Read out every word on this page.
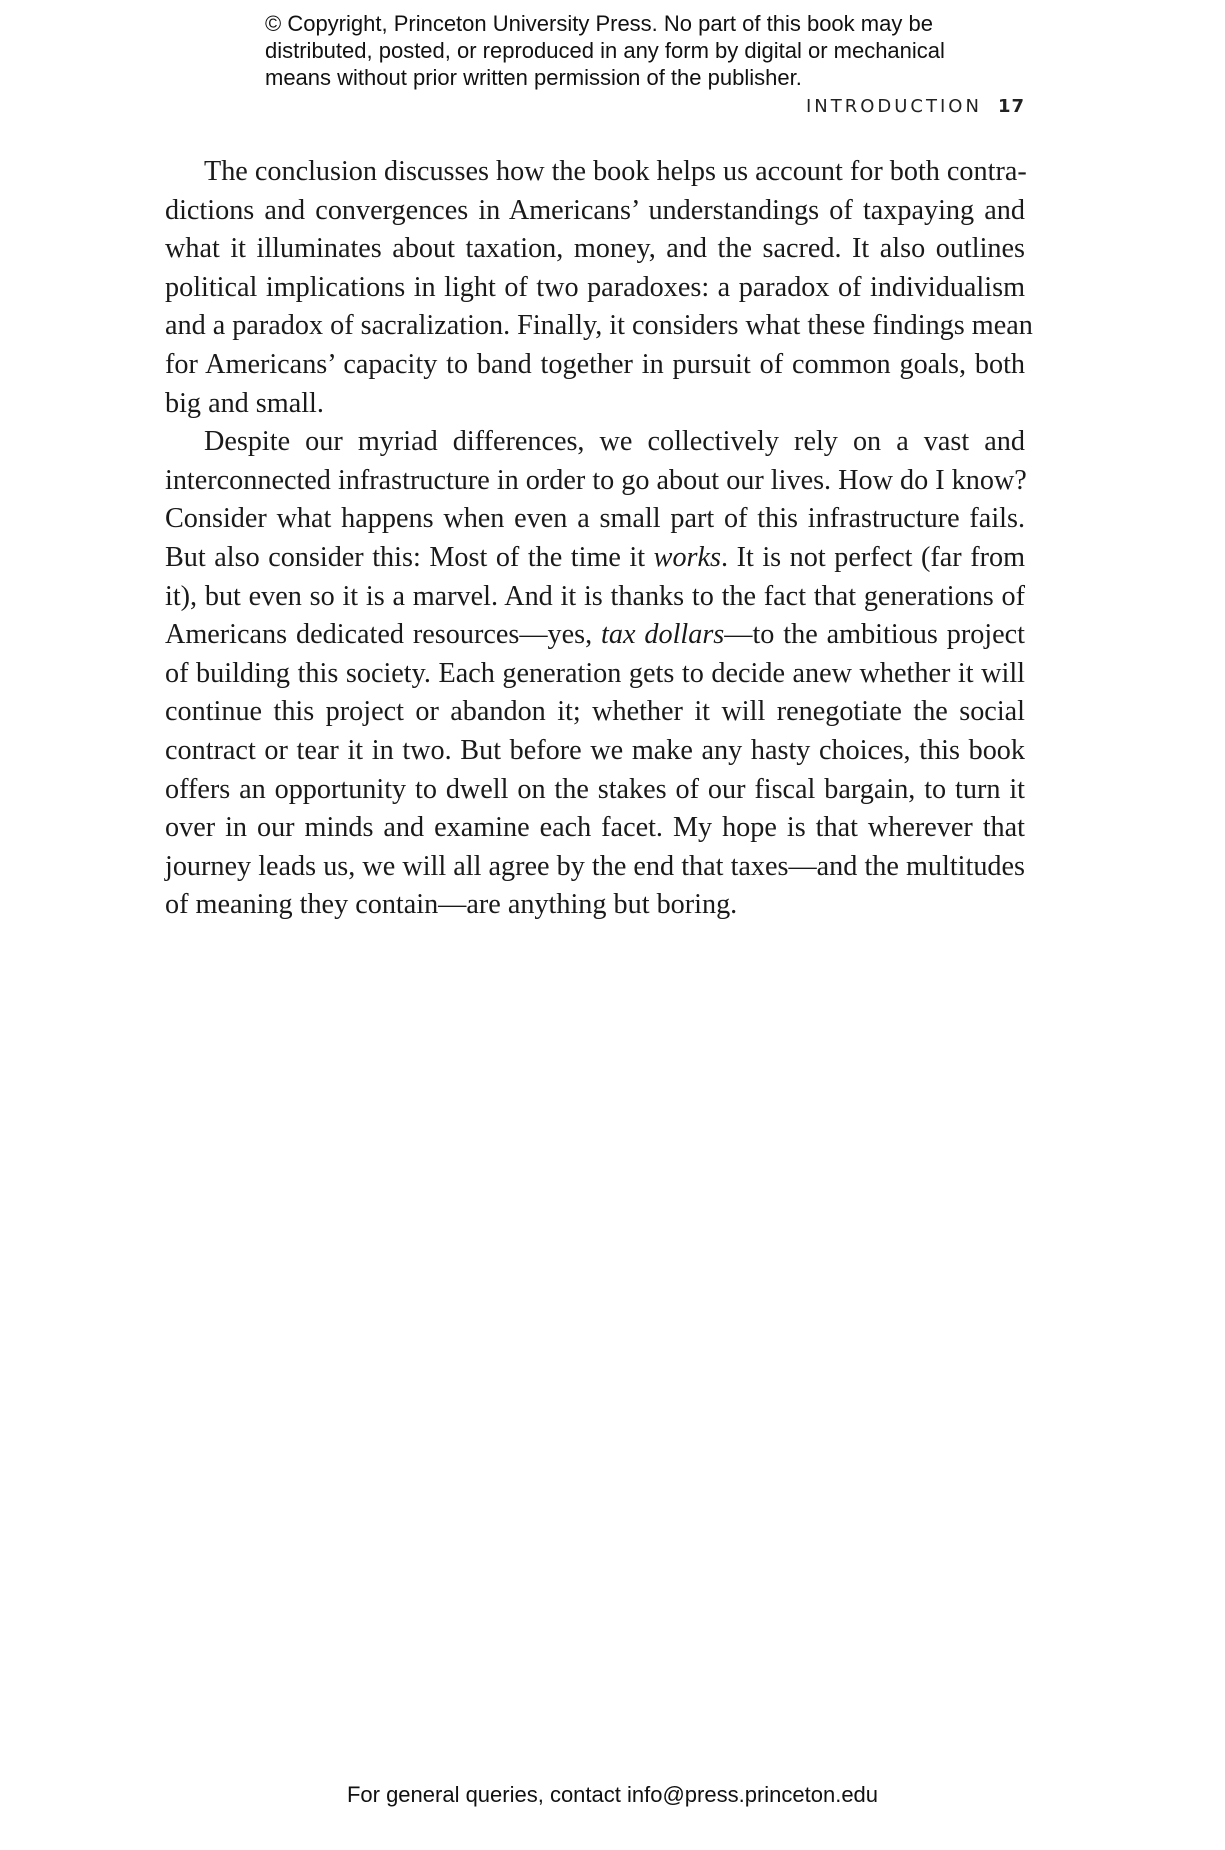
© Copyright, Princeton University Press. No part of this book may be
distributed, posted, or reproduced in any form by digital or mechanical
means without prior written permission of the publisher.
INTRODUCTION 17
The conclusion discusses how the book helps us account for both contra-
dictions and convergences in Americans’ understandings of taxpaying and
what it illuminates about taxation, money, and the sacred. It also outlines
political implications in light of two paradoxes: a paradox of individualism
and a paradox of sacralization. Finally, it considers what these findings mean
for Americans’ capacity to band together in pursuit of common goals, both
big and small.
Despite our myriad differences, we collectively rely on a vast and
interconnected infrastructure in order to go about our lives. How do I know?
Consider what happens when even a small part of this infrastructure fails.
But also consider this: Most of the time it works. It is not perfect (far from
it), but even so it is a marvel. And it is thanks to the fact that generations of
Americans dedicated resources—yes, tax dollars—to the ambitious project
of building this society. Each generation gets to decide anew whether it will
continue this project or abandon it; whether it will renegotiate the social
contract or tear it in two. But before we make any hasty choices, this book
offers an opportunity to dwell on the stakes of our fiscal bargain, to turn it
over in our minds and examine each facet. My hope is that wherever that
journey leads us, we will all agree by the end that taxes—and the multitudes
of meaning they contain—are anything but boring.
For general queries, contact info@press.princeton.edu
